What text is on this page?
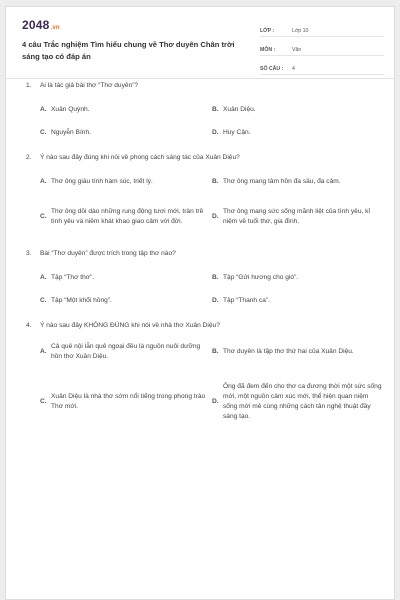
2048.vn
4 câu Trắc nghiệm Tìm hiểu chung về Thơ duyên Chân trời sáng tạo có đáp án
LỚP :	Lớp 10
MÔN :	Văn
SỐ CÂU :	4
1. Ai là tác giả bài thơ “Thơ duyên”?
A. Xuân Quỳnh.	B. Xuân Diệu.
C. Nguyễn Bính.	D. Huy Cận.
2. Ý nào sau đây đúng khi nói về phong cách sáng tác của Xuân Diệu?
A. Thơ ông giàu tính hàm súc, triết lý.	B. Thơ ông mang tâm hồn đa sầu, đa cảm.
C.
Thơ ông dồi dào những rung động tươi mới, tràn trề tình yêu và niềm khát khao giao cảm với đời.
D.
Thơ ông mang sức sống mãnh liệt của tình yêu, kỉ niệm về tuổi thơ, gia đình.
3. Bài “Thơ duyên” được trích trong tập thơ nào?
A. Tập “Thơ thơ”.	B. Tập “Gửi hương cho gió”.
C. Tập “Một khối hồng”.	D. Tập “Thanh ca”.
4. Ý nào sau đây KHÔNG ĐÚNG khi nói về nhà thơ Xuân Diệu?
A.
Cả quê nội lẫn quê ngoại đều là nguồn nuôi dưỡng hồn thơ Xuân Diệu.
B. Thơ duyên là tập thơ thứ hai của Xuân Diệu.
C.
Xuân Diệu là nhà thơ sớm nổi tiếng trong phong trào Thơ mới.
D.
Ông đã đem đến cho thơ ca đương thời một sức sống mới, một nguồn cảm xúc mới, thể hiện quan niệm sống mới mẻ cùng những cách tân nghệ thuật đầy sáng tạo.
